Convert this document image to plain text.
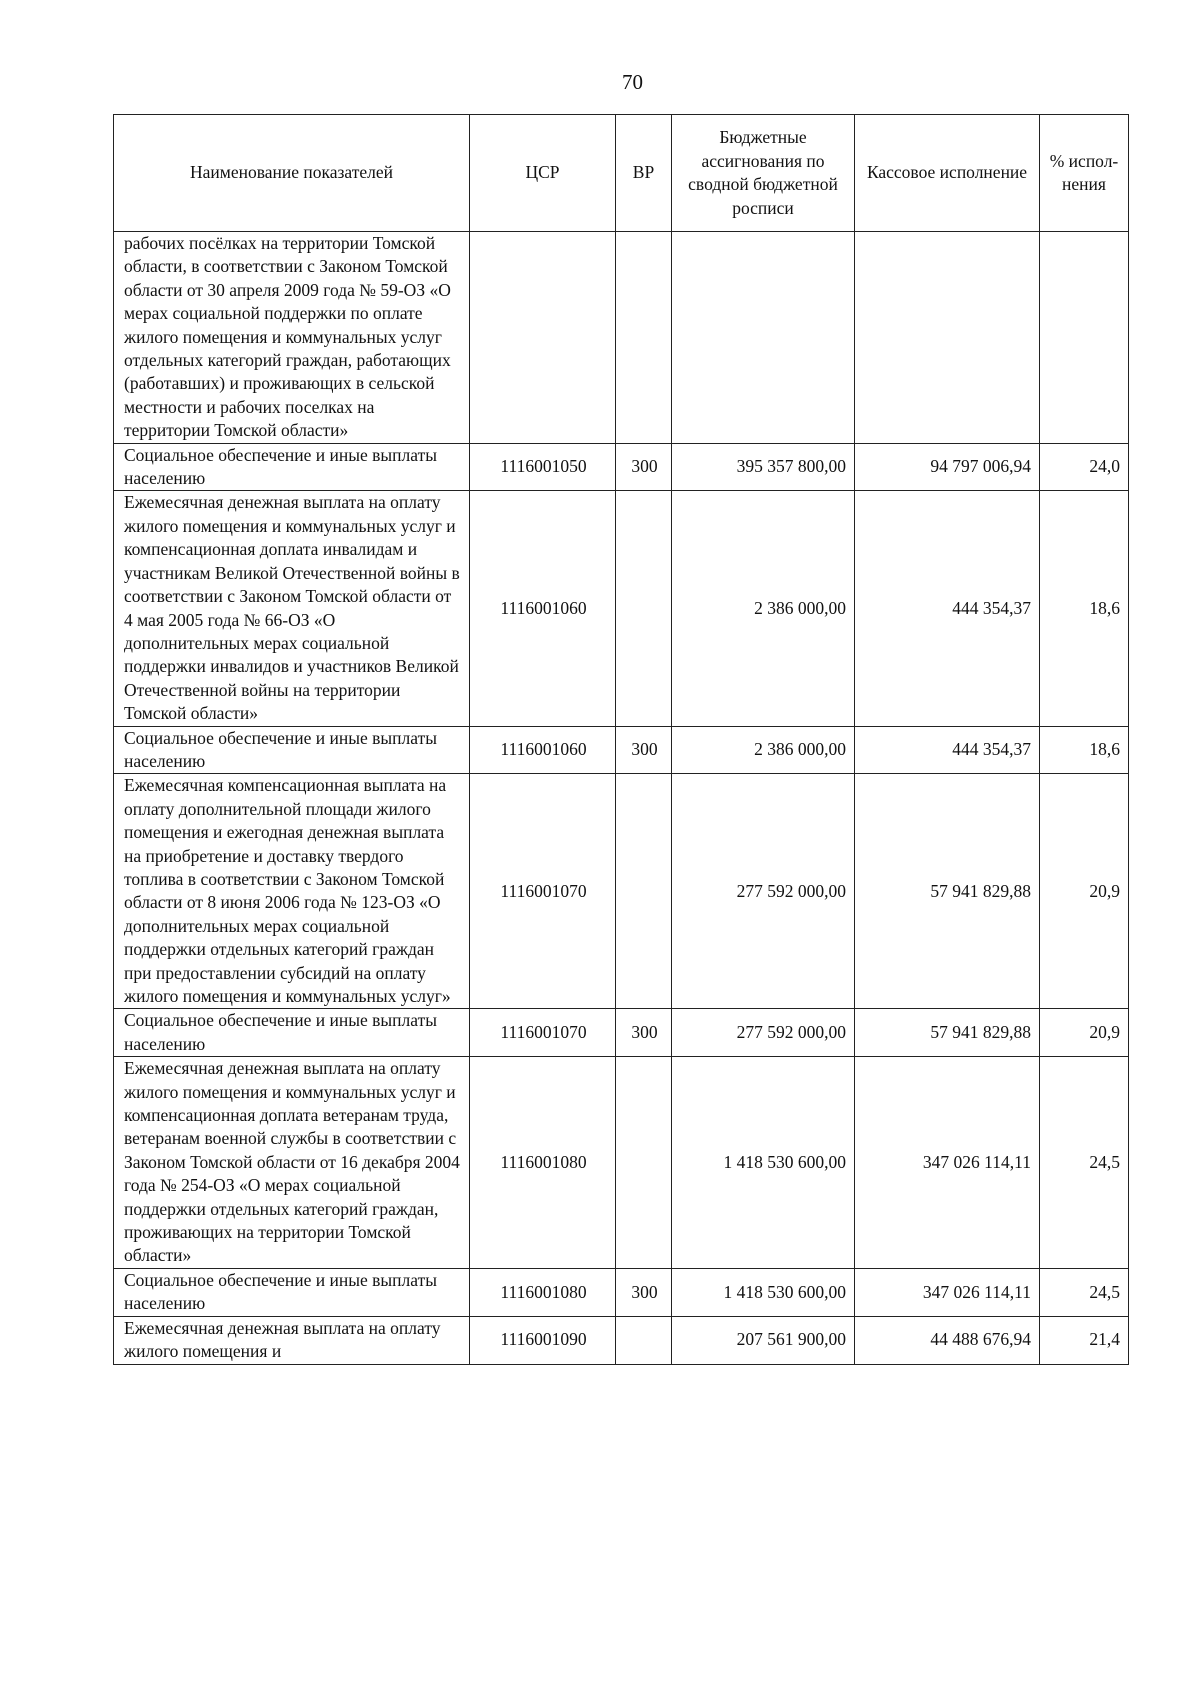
70
Наименование показателей	ЦСР	ВР	Бюджетные ассигнования по сводной бюджетной росписи	Кассовое исполнение	% испол-нения
рабочих посёлках на территории Томской области, в соответствии с Законом Томской области от 30 апреля 2009 года № 59-ОЗ «О мерах социальной поддержки по оплате жилого помещения и коммунальных услуг отдельных категорий граждан, работающих (работавших) и проживающих в сельской местности и рабочих поселках на территории Томской области»					
Социальное обеспечение и иные выплаты населению	1116001050	300	395 357 800,00	94 797 006,94	24,0
Ежемесячная денежная выплата на оплату жилого помещения и коммунальных услуг и компенсационная доплата инвалидам и участникам Великой Отечественной войны в соответствии с Законом Томской области от 4 мая 2005 года № 66-ОЗ «О дополнительных мерах социальной поддержки инвалидов и участников Великой Отечественной войны на территории Томской области»	1116001060		2 386 000,00	444 354,37	18,6
Социальное обеспечение и иные выплаты населению	1116001060	300	2 386 000,00	444 354,37	18,6
Ежемесячная компенсационная выплата на оплату дополнительной площади жилого помещения и ежегодная денежная выплата на приобретение и доставку твердого топлива в соответствии с Законом Томской области от 8 июня 2006 года № 123-ОЗ «О дополнительных мерах социальной поддержки отдельных категорий граждан при предоставлении субсидий на оплату жилого помещения и коммунальных услуг»	1116001070		277 592 000,00	57 941 829,88	20,9
Социальное обеспечение и иные выплаты населению	1116001070	300	277 592 000,00	57 941 829,88	20,9
Ежемесячная денежная выплата на оплату жилого помещения и коммунальных услуг и компенсационная доплата ветеранам труда, ветеранам военной службы в соответствии с Законом Томской области от 16 декабря 2004 года № 254-ОЗ «О мерах социальной поддержки отдельных категорий граждан, проживающих на территории Томской области»	1116001080		1 418 530 600,00	347 026 114,11	24,5
Социальное обеспечение и иные выплаты населению	1116001080	300	1 418 530 600,00	347 026 114,11	24,5
Ежемесячная денежная выплата на оплату жилого помещения и	1116001090		207 561 900,00	44 488 676,94	21,4
